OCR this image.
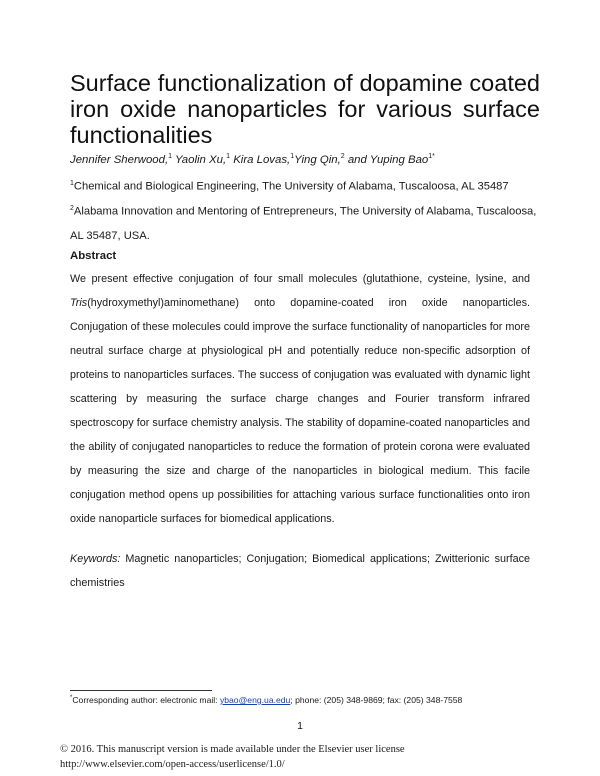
Surface functionalization of dopamine coated iron oxide nanoparticles for various surface functionalities

Jennifer Sherwood,$^1$ Yaolin Xu,$^1$ Kira Lovas,$^1$Ying Qin,$^2$ and Yuping Bao$^{1*}$

$^1$Chemical and Biological Engineering, The University of Alabama, Tuscaloosa, AL 35487

$^2$Alabama Innovation and Mentoring of Entrepreneurs, The University of Alabama, Tuscaloosa, AL 35487, USA.

Abstract

We present effective conjugation of four small molecules (glutathione, cysteine, lysine, and Tris(hydroxymethyl)aminomethane) onto dopamine-coated iron oxide nanoparticles. Conjugation of these molecules could improve the surface functionality of nanoparticles for more neutral surface charge at physiological pH and potentially reduce non-specific adsorption of proteins to nanoparticles surfaces. The success of conjugation was evaluated with dynamic light scattering by measuring the surface charge changes and Fourier transform infrared spectroscopy for surface chemistry analysis. The stability of dopamine-coated nanoparticles and the ability of conjugated nanoparticles to reduce the formation of protein corona were evaluated by measuring the size and charge of the nanoparticles in biological medium. This facile conjugation method opens up possibilities for attaching various surface functionalities onto iron oxide nanoparticle surfaces for biomedical applications.

Keywords: Magnetic nanoparticles; Conjugation; Biomedical applications; Zwitterionic surface chemistries

*Corresponding author: electronic mail: ybao@eng.ua.edu; phone: (205) 348-9869; fax: (205) 348-7558

1

© 2016. This manuscript version is made available under the Elsevier user license
http://www.elsevier.com/open-access/userlicense/1.0/
